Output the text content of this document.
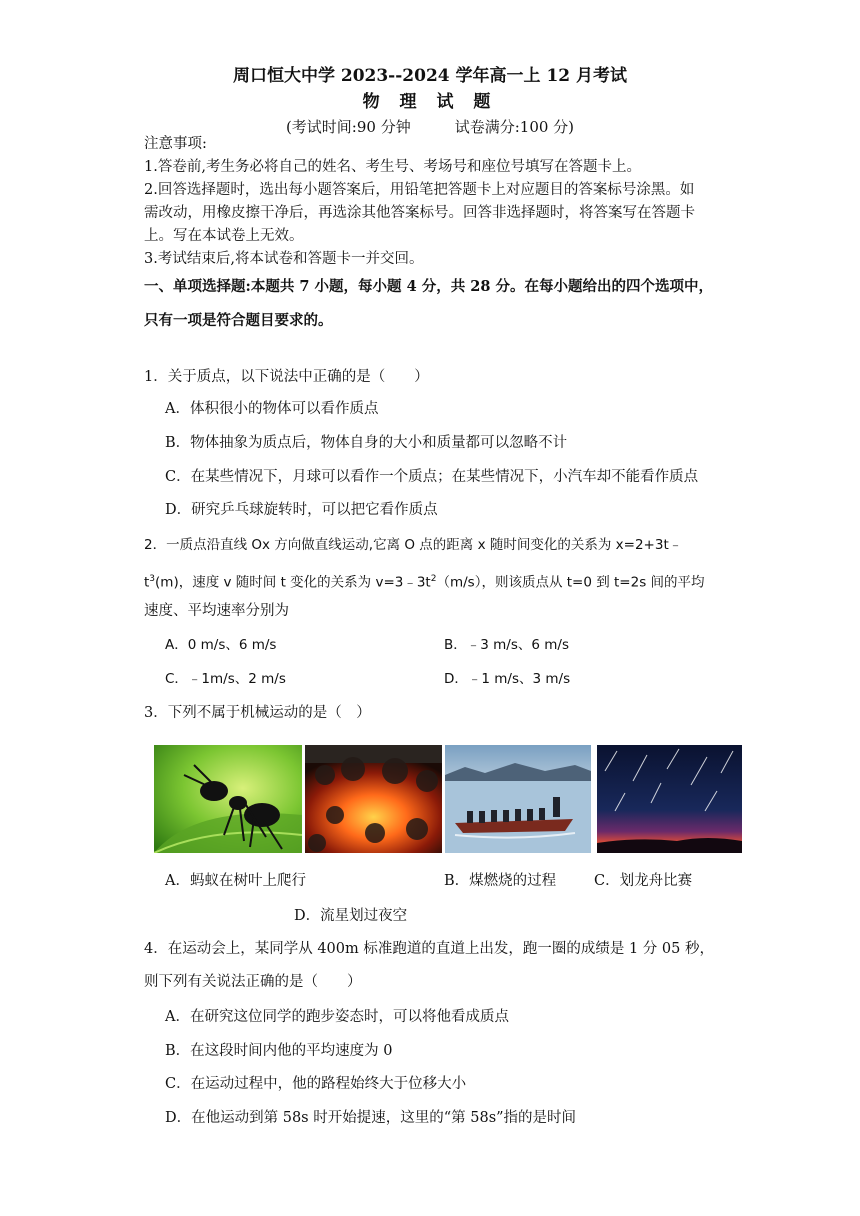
周口恒大中学 2023--2024 学年高一上 12 月考试
物 理 试 题
(考试时间:90 分钟	试卷满分:100 分)

注意事项:

1.答卷前,考生务必将自己的姓名、考生号、考场号和座位号填写在答题卡上。

2.回答选择题时，选出每小题答案后，用铅笔把答题卡上对应题目的答案标号涂黑。如

需改动，用橡皮擦干净后，再选涂其他答案标号。回答非选择题时，将答案写在答题卡

上。写在本试卷上无效。

3.考试结束后,将本试卷和答题卡一并交回。

一、单项选择题:本题共 7 小题，每小题 4 分，共 28 分。在每小题给出的四个选项中，
只有一项是符合题目要求的。
1．关于质点，以下说法中正确的是（　　）
A．体积很小的物体可以看作质点
B．物体抽象为质点后，物体自身的大小和质量都可以忽略不计
C．在某些情况下，月球可以看作一个质点；在某些情况下，小汽车却不能看作质点
D．研究乒乓球旋转时，可以把它看作质点
2．一质点沿直线 Ox 方向做直线运动,它离 O 点的距离 x 随时间变化的关系为 x=2+3t﹣
$t^3(m)$，速度 v 随时间 t 变化的关系为 $v=3﹣3t^2(m/s)$，则该质点从 t=0 到 t=2s 间的平均
速度、平均速率分别为
A．0 m/s、6 m/s	B．﹣3 m/s、6 m/s
C．﹣1m/s、2 m/s	D．﹣1 m/s、3 m/s
3．下列不属于机械运动的是（　）
A．蚂蚁在树叶上爬行	B．煤燃烧的过程	C．划龙舟比赛
D．流星划过夜空
4．在运动会上，某同学从 400m 标准跑道的直道上出发，跑一圈的成绩是 1 分 05 秒，
则下列有关说法正确的是（　　）
A．在研究这位同学的跑步姿态时，可以将他看成质点
B．在这段时间内他的平均速度为 0
C．在运动过程中，他的路程始终大于位移大小
D．在他运动到第 58s 时开始提速，这里的“第 58s”指的是时间
